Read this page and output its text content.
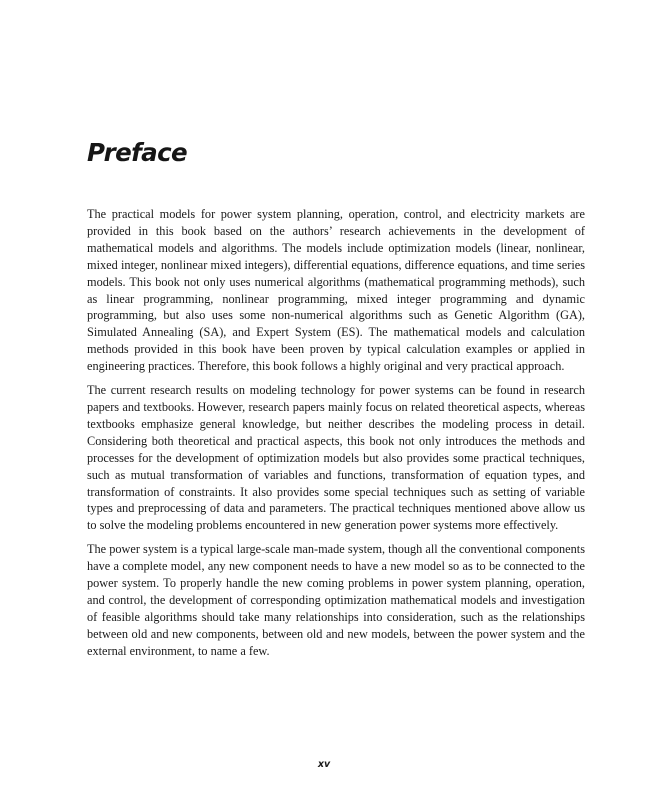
Preface

The practical models for power system planning, operation, control, and electricity markets are provided in this book based on the authors’ research achievements in the development of mathematical models and algorithms. The models include optimization models (linear, nonlinear, mixed integer, nonlinear mixed integers), differential equations, difference equations, and time series models. This book not only uses numerical algorithms (mathematical programming methods), such as linear programming, nonlinear programming, mixed integer programming and dynamic programming, but also uses some non-numerical algorithms such as Genetic Algorithm (GA), Simulated Annealing (SA), and Expert System (ES). The mathematical models and calculation methods provided in this book have been proven by typical calculation examples or applied in engineering practices. Therefore, this book follows a highly original and very practical approach.

The current research results on modeling technology for power systems can be found in research papers and textbooks. However, research papers mainly focus on related theoretical aspects, whereas textbooks emphasize general knowledge, but neither describes the modeling process in detail. Considering both theoretical and practical aspects, this book not only introduces the methods and processes for the development of optimization models but also provides some practical techniques, such as mutual transformation of variables and functions, transformation of equation types, and transformation of constraints. It also provides some special techniques such as setting of variable types and preprocessing of data and parameters. The practical techniques mentioned above allow us to solve the modeling problems encountered in new generation power systems more effectively.

The power system is a typical large-scale man-made system, though all the conventional components have a complete model, any new component needs to have a new model so as to be connected to the power system. To properly handle the new coming problems in power system planning, operation, and control, the development of corresponding optimization mathematical models and investigation of feasible algorithms should take many relationships into consideration, such as the relationships between old and new components, between old and new models, between the power system and the external environment, to name a few.

xv
